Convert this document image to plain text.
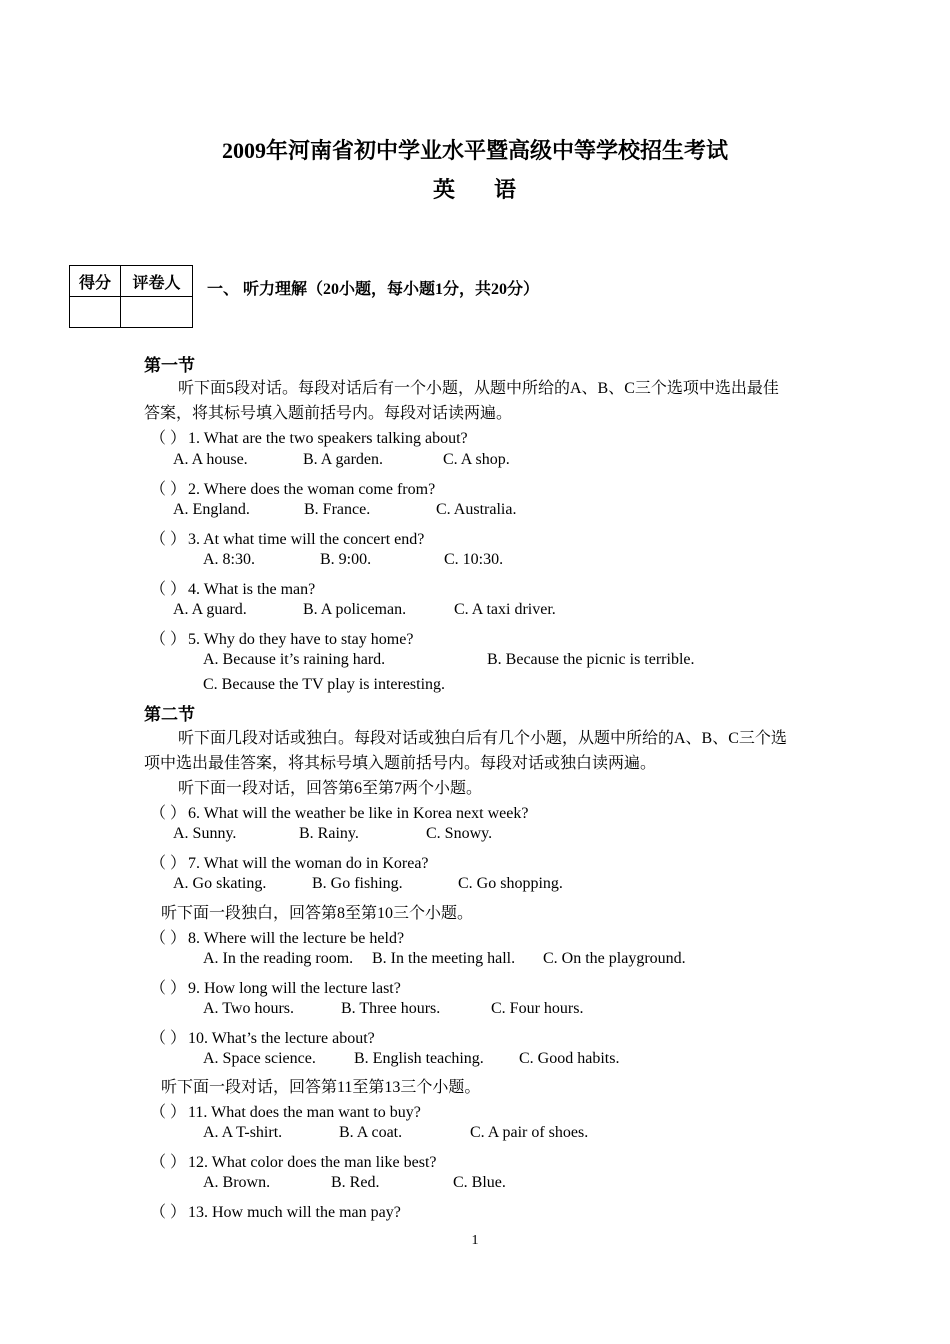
2009年河南省初中学业水平暨高级中等学校招生考试
英 语
得分	评卷人
	一、 听力理解（20小题，每小题1分，共20分）
第一节
听下面5段对话。每段对话后有一个小题，从题中所给的A、B、C三个选项中选出最佳
答案，将其标号填入题前括号内。每段对话读两遍。
（ ） 1. What are the two speakers talking about?
A. A house.	B. A garden.	C. A shop.
（ ） 2. Where does the woman come from?
A. England.	B. France.	C. Australia.
（ ） 3. At what time will the concert end?
A. 8:30.	B. 9:00.	C. 10:30.
（ ） 4. What is the man?
A. A guard.	B. A policeman.	C. A taxi driver.
（ ） 5. Why do they have to stay home?
A. Because it’s raining hard.	B. Because the picnic is terrible.
C. Because the TV play is interesting.
第二节
听下面几段对话或独白。每段对话或独白后有几个小题，从题中所给的A、B、C三个选
项中选出最佳答案，将其标号填入题前括号内。每段对话或独白读两遍。
听下面一段对话，回答第6至第7两个小题。
（ ） 6. What will the weather be like in Korea next week?
A. Sunny.	B. Rainy.	C. Snowy.
（ ） 7. What will the woman do in Korea?
A. Go skating.	B. Go fishing.	C. Go shopping.
听下面一段独白，回答第8至第10三个小题。
（ ） 8. Where will the lecture be held?
A. In the reading room. B. In the meeting hall. C. On the playground.
（ ） 9. How long will the lecture last?
A. Two hours.	B. Three hours.	C. Four hours.
（ ） 10. What’s the lecture about?
A. Space science. B. English teaching. C. Good habits.
听下面一段对话，回答第11至第13三个小题。
（ ） 11. What does the man want to buy?
A. A T-shirt.	B. A coat.	C. A pair of shoes.
（ ） 12. What color does the man like best?
A. Brown.	B. Red.	C. Blue.
（ ） 13. How much will the man pay?
1
